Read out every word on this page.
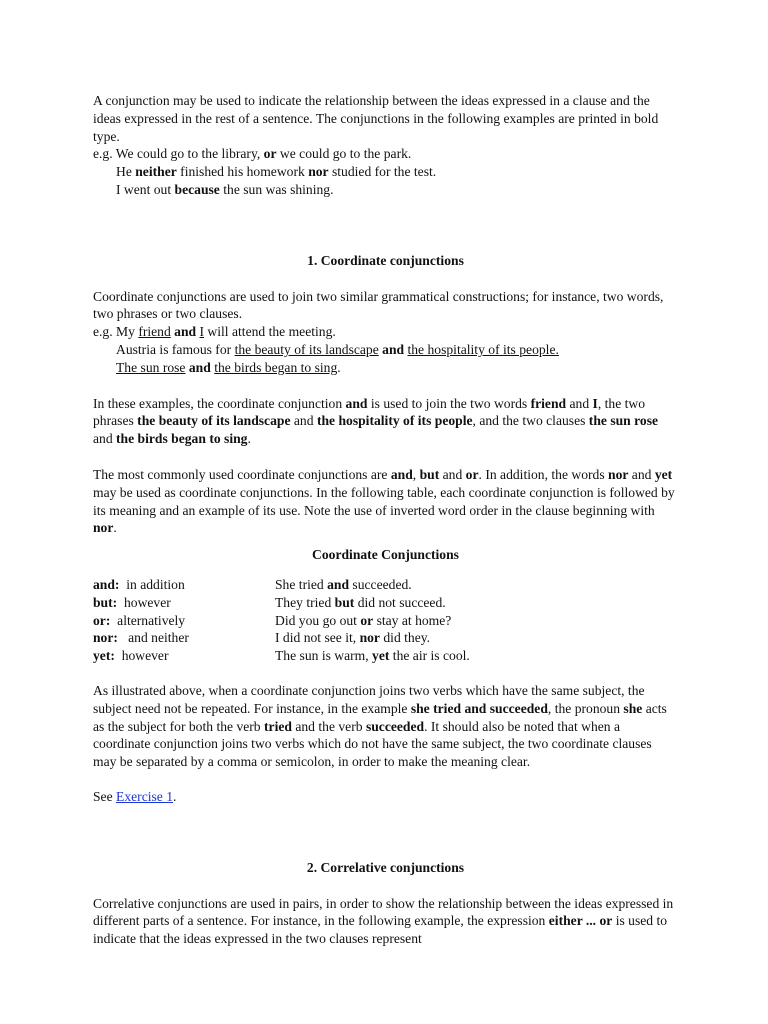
A conjunction may be used to indicate the relationship between the ideas expressed in a clause and the ideas expressed in the rest of a sentence. The conjunctions in the following examples are printed in bold type.

e.g. We could go to the library, or we could go to the park.

He neither finished his homework nor studied for the test.

I went out because the sun was shining.

1. Coordinate conjunctions

Coordinate conjunctions are used to join two similar grammatical constructions; for instance, two words, two phrases or two clauses.

e.g. My friend and I will attend the meeting.

Austria is famous for the beauty of its landscape and the hospitality of its people.

The sun rose and the birds began to sing.

In these examples, the coordinate conjunction and is used to join the two words friend and I, the two phrases the beauty of its landscape and the hospitality of its people, and the two clauses the sun rose and the birds began to sing.

The most commonly used coordinate conjunctions are and, but and or. In addition, the words nor and yet may be used as coordinate conjunctions. In the following table, each coordinate conjunction is followed by its meaning and an example of its use. Note the use of inverted word order in the clause beginning with nor.

Coordinate Conjunctions

and:  in addition	She tried and succeeded.
but:  however	They tried but did not succeed.
or:  alternatively	Did you go out or stay at home?
nor:   and neither	I did not see it, nor did they.
yet:  however	The sun is warm, yet the air is cool.

As illustrated above, when a coordinate conjunction joins two verbs which have the same subject, the subject need not be repeated. For instance, in the example she tried and succeeded, the pronoun she acts as the subject for both the verb tried and the verb succeeded. It should also be noted that when a coordinate conjunction joins two verbs which do not have the same subject, the two coordinate clauses may be separated by a comma or semicolon, in order to make the meaning clear.

See Exercise 1.

2. Correlative conjunctions

Correlative conjunctions are used in pairs, in order to show the relationship between the ideas expressed in different parts of a sentence. For instance, in the following example, the expression either ... or is used to indicate that the ideas expressed in the two clauses represent
